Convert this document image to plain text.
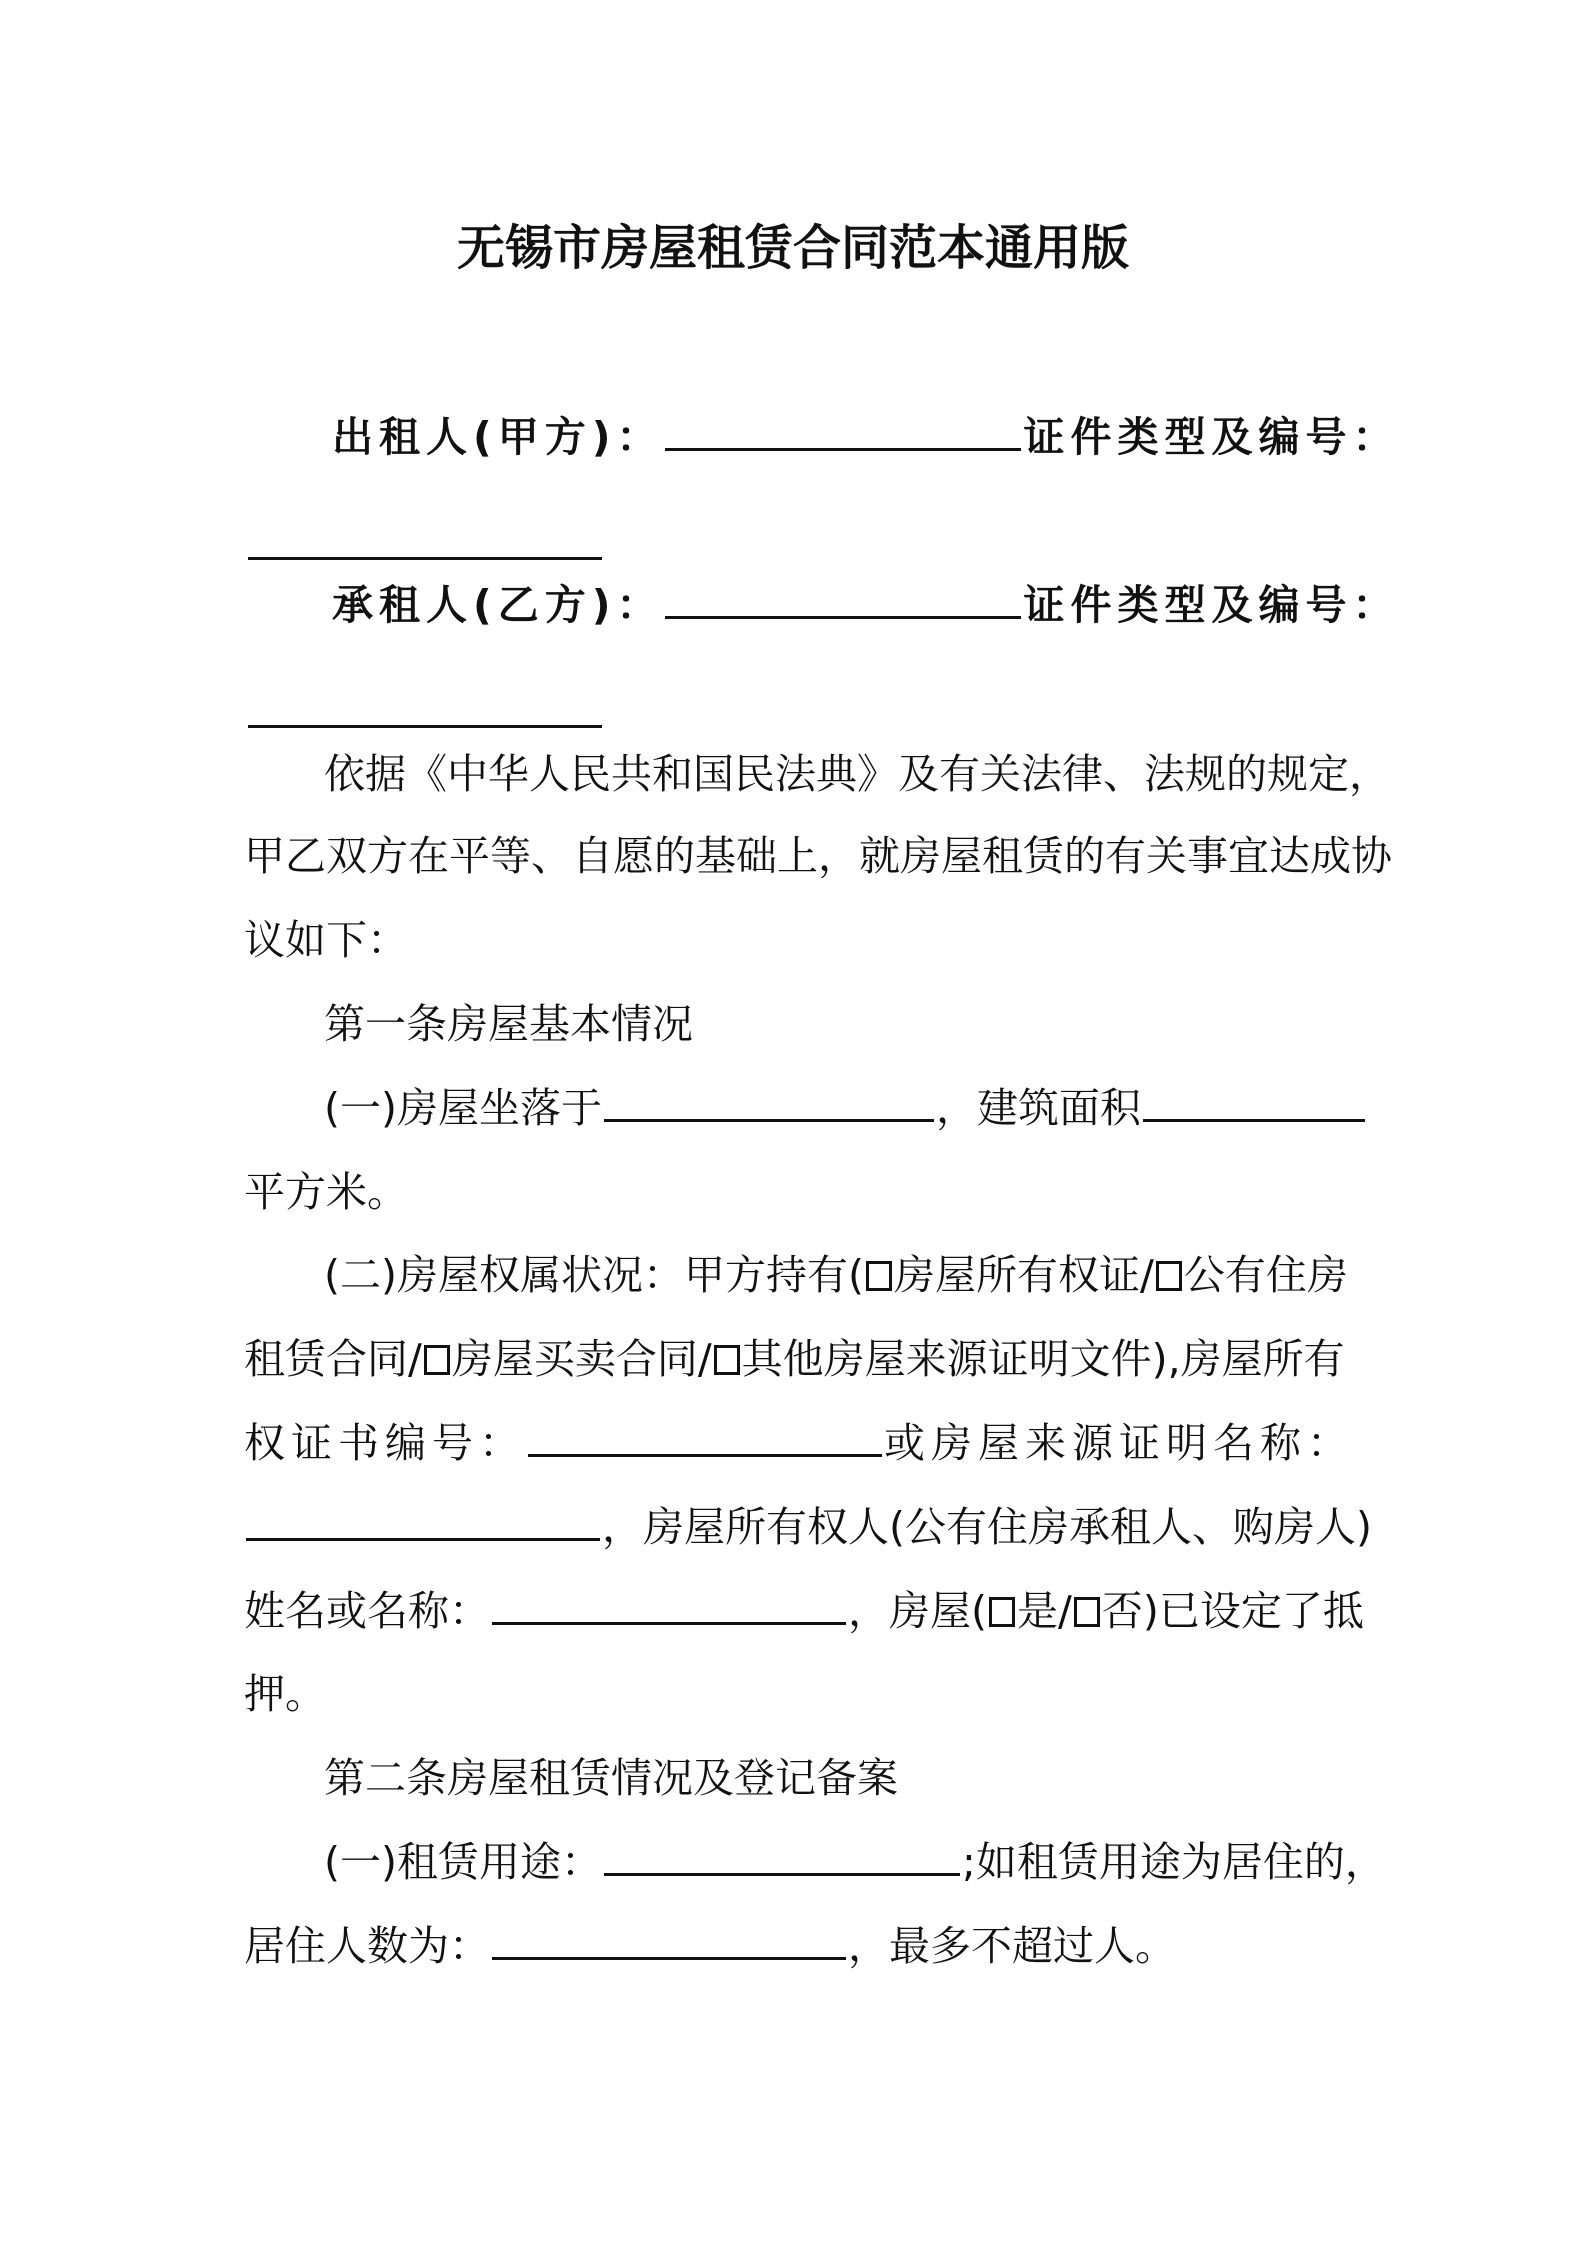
无锡市房屋租赁合同范本通用版
出租人(甲方)：	证件类型及编号：
承租人(乙方)：	证件类型及编号：
依据《中华人民共和国民法典》及有关法律、法规的规定，
甲乙双方在平等、自愿的基础上，就房屋租赁的有关事宜达成协
议如下：
第一条房屋基本情况
(一)房屋坐落于	，建筑面积
平方米。
(二)房屋权属状况：甲方持有( 房屋所有权证/ 公有住房
租赁合同/ 房屋买卖合同/ 其他房屋来源证明文件),房屋所有
权证书编号：	或房屋来源证明名称：
，房屋所有权人(公有住房承租人、购房人)
姓名或名称：	，房屋( 是/ 否)已设定了抵
押。
第二条房屋租赁情况及登记备案
(一)租赁用途：	;如租赁用途为居住的，
居住人数为：	，最多不超过人。
